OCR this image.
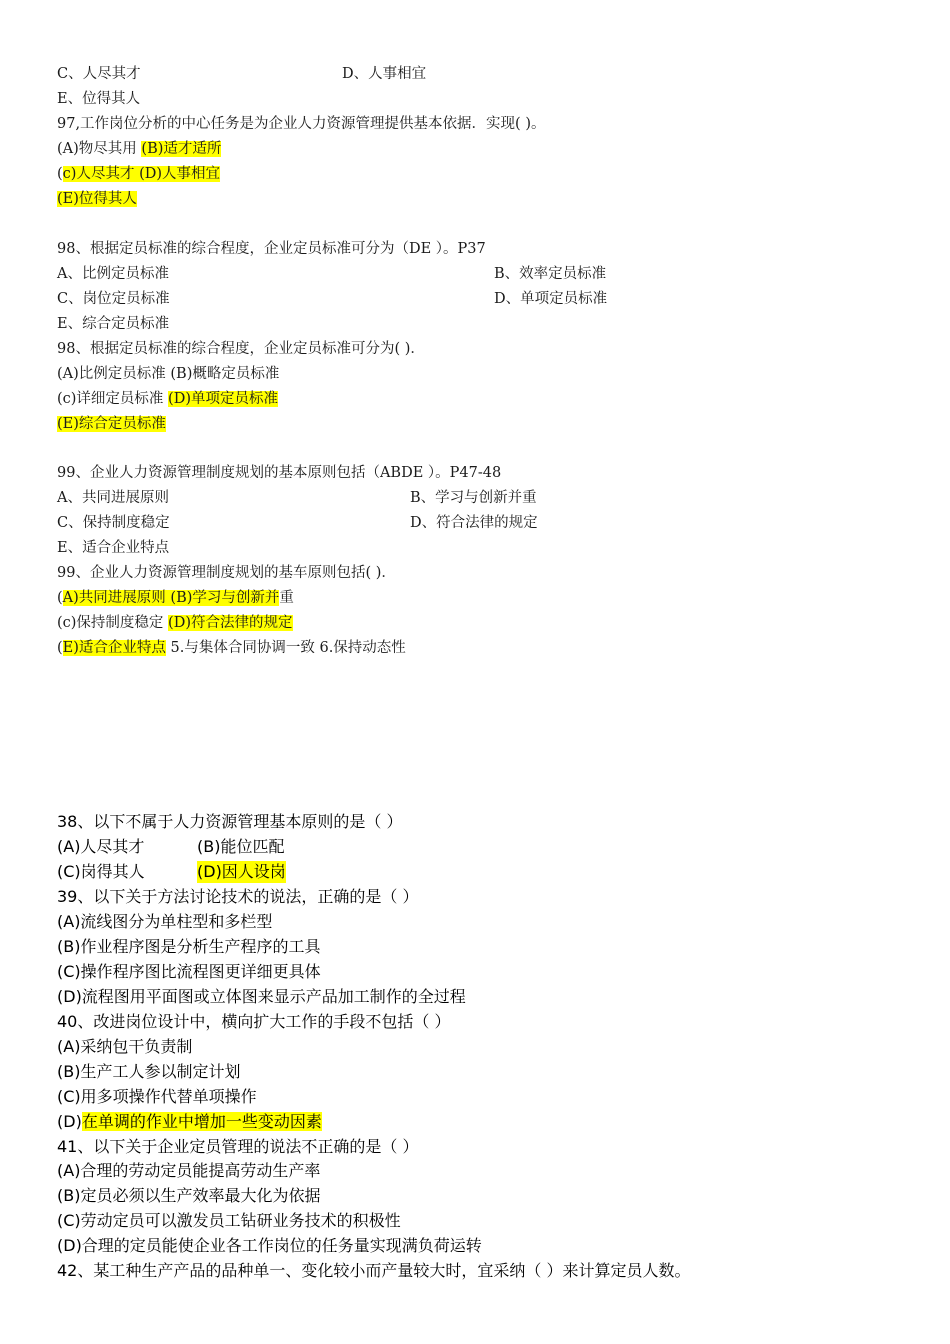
C、人尽其才	D、人事相宜
E、位得其人
97,工作岗位分析的中心任务是为企业人力资源管理提供基本依据．实现( )。
(A)物尽其用 (B)适才适所
(c)人尽其才 (D)人事相宜
(E)位得其人
98、根据定员标准的综合程度，企业定员标准可分为（DE ）。P37
A、比例定员标准	B、效率定员标准
C、岗位定员标准	D、单项定员标准
E、综合定员标准
98、根据定员标准的综合程度，企业定员标准可分为( )．
(A)比例定员标准 (B)概略定员标准
(c)详细定员标准 (D)单项定员标准
(E)综合定员标准
99、企业人力资源管理制度规划的基本原则包括（ABDE ）。P47-48
A、共同进展原则	B、学习与创新并重
C、保持制度稳定	D、符合法律的规定
E、适合企业特点
99、企业人力资源管理制度规划的基车原则包括( )．
(A)共同进展原则 (B)学习与创新并重
(c)保持制度稳定 (D)符合法律的规定
(E)适合企业特点 5.与集体合同协调一致 6.保持动态性
38、以下不属于人力资源管理基本原则的是（ ）
(A)人尽其才	(B)能位匹配
(C)岗得其人	(D)因人设岗
39、以下关于方法讨论技术的说法，正确的是（ ）
(A)流线图分为单柱型和多栏型
(B)作业程序图是分析生产程序的工具
(C)操作程序图比流程图更详细更具体
(D)流程图用平面图或立体图来显示产品加工制作的全过程
40、改进岗位设计中，横向扩大工作的手段不包括（ ）
(A)采纳包干负责制
(B)生产工人参以制定计划
(C)用多项操作代替单项操作
(D)在单调的作业中增加一些变动因素
41、以下关于企业定员管理的说法不正确的是（ ）
(A)合理的劳动定员能提高劳动生产率
(B)定员必须以生产效率最大化为依据
(C)劳动定员可以激发员工钻研业务技术的积极性
(D)合理的定员能使企业各工作岗位的任务量实现满负荷运转
42、某工种生产产品的品种单一、变化较小而产量较大时，宜采纳（ ）来计算定员人数。
